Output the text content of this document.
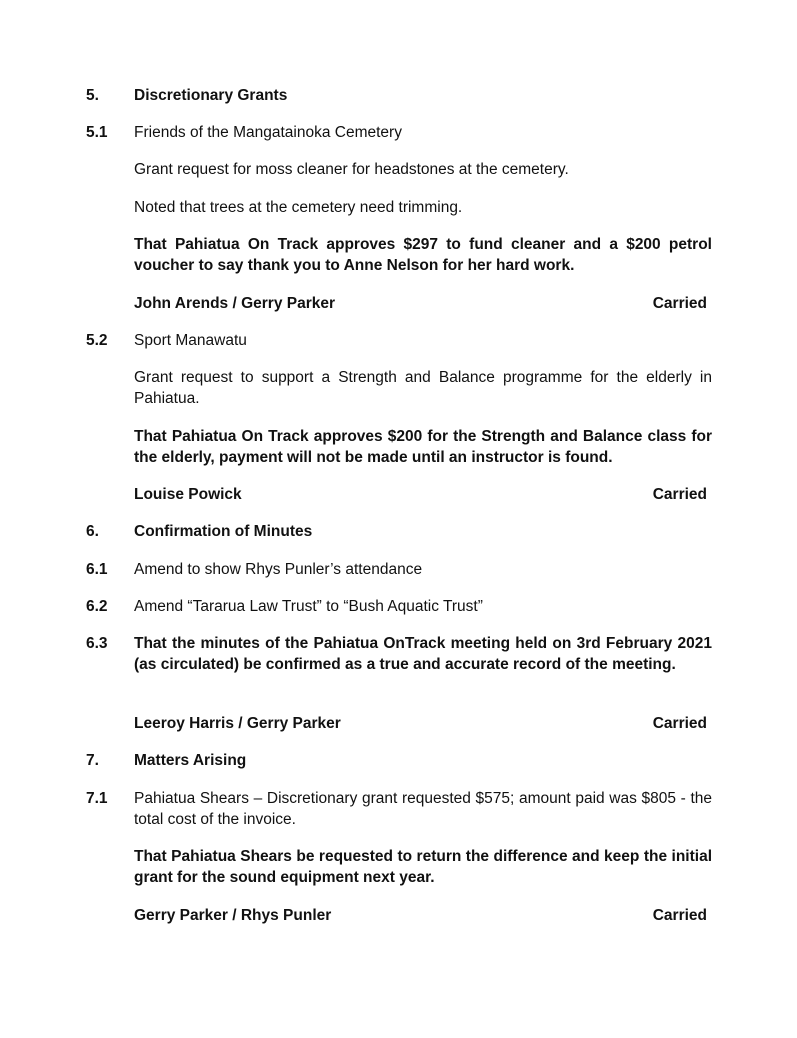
5. Discretionary Grants
5.1 Friends of the Mangatainoka Cemetery
Grant request for moss cleaner for headstones at the cemetery.
Noted that trees at the cemetery need trimming.
That Pahiatua On Track approves $297 to fund cleaner and a $200 petrol voucher to say thank you to Anne Nelson for her hard work.
John Arends / Gerry Parker	Carried
5.2 Sport Manawatu
Grant request to support a Strength and Balance programme for the elderly in Pahiatua.
That Pahiatua On Track approves $200 for the Strength and Balance class for the elderly, payment will not be made until an instructor is found.
Louise Powick	Carried
6. Confirmation of Minutes
6.1 Amend to show Rhys Punler’s attendance
6.2 Amend “Tararua Law Trust” to “Bush Aquatic Trust”
6.3 That the minutes of the Pahiatua OnTrack meeting held on 3rd February 2021 (as circulated) be confirmed as a true and accurate record of the meeting.
Leeroy Harris / Gerry Parker	Carried
7. Matters Arising
7.1 Pahiatua Shears – Discretionary grant requested $575; amount paid was $805 - the total cost of the invoice.
That Pahiatua Shears be requested to return the difference and keep the initial grant for the sound equipment next year.
Gerry Parker / Rhys Punler	Carried
